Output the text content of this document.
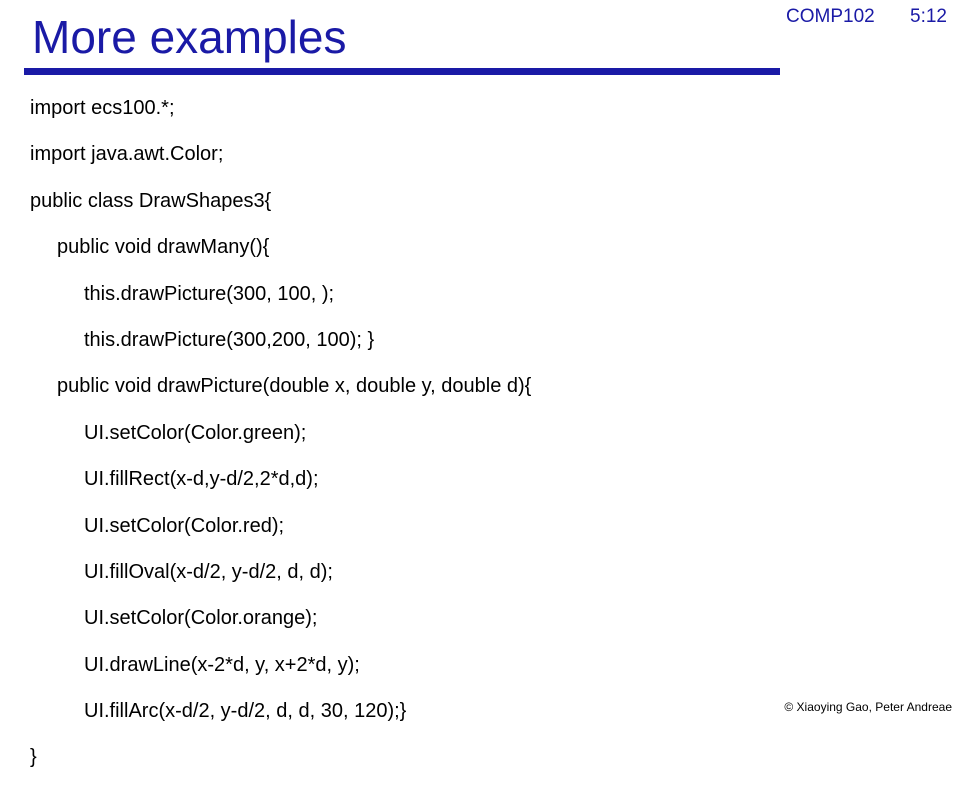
COMP102 5:12
More examples
import ecs100.*;
import java.awt.Color;
public class DrawShapes3{
public void drawMany(){
this.drawPicture(300, 100, );
this.drawPicture(300,200, 100); }
public void drawPicture(double x, double y, double d){
UI.setColor(Color.green);
UI.fillRect(x-d,y-d/2,2*d,d);
UI.setColor(Color.red);
UI.fillOval(x-d/2, y-d/2, d, d);
UI.setColor(Color.orange);
UI.drawLine(x-2*d, y, x+2*d, y);
UI.fillArc(x-d/2, y-d/2, d, d, 30, 120);}
}
© Xiaoying Gao, Peter Andreae
